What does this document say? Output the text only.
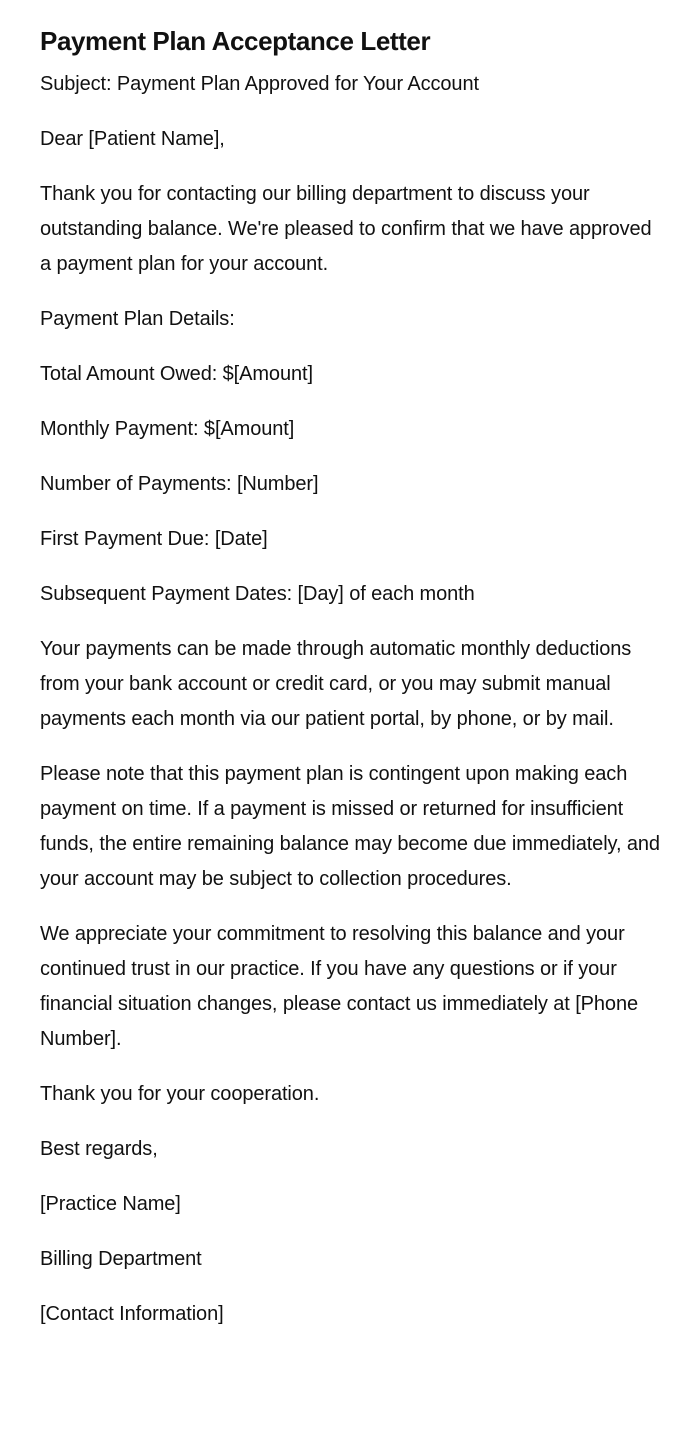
Payment Plan Acceptance Letter

Subject: Payment Plan Approved for Your Account

Dear [Patient Name],

Thank you for contacting our billing department to discuss your outstanding balance. We're pleased to confirm that we have approved a payment plan for your account.

Payment Plan Details:

Total Amount Owed: $[Amount]

Monthly Payment: $[Amount]

Number of Payments: [Number]

First Payment Due: [Date]

Subsequent Payment Dates: [Day] of each month

Your payments can be made through automatic monthly deductions from your bank account or credit card, or you may submit manual payments each month via our patient portal, by phone, or by mail.

Please note that this payment plan is contingent upon making each payment on time. If a payment is missed or returned for insufficient funds, the entire remaining balance may become due immediately, and your account may be subject to collection procedures.

We appreciate your commitment to resolving this balance and your continued trust in our practice. If you have any questions or if your financial situation changes, please contact us immediately at [Phone Number].

Thank you for your cooperation.

Best regards,

[Practice Name]

Billing Department

[Contact Information]
